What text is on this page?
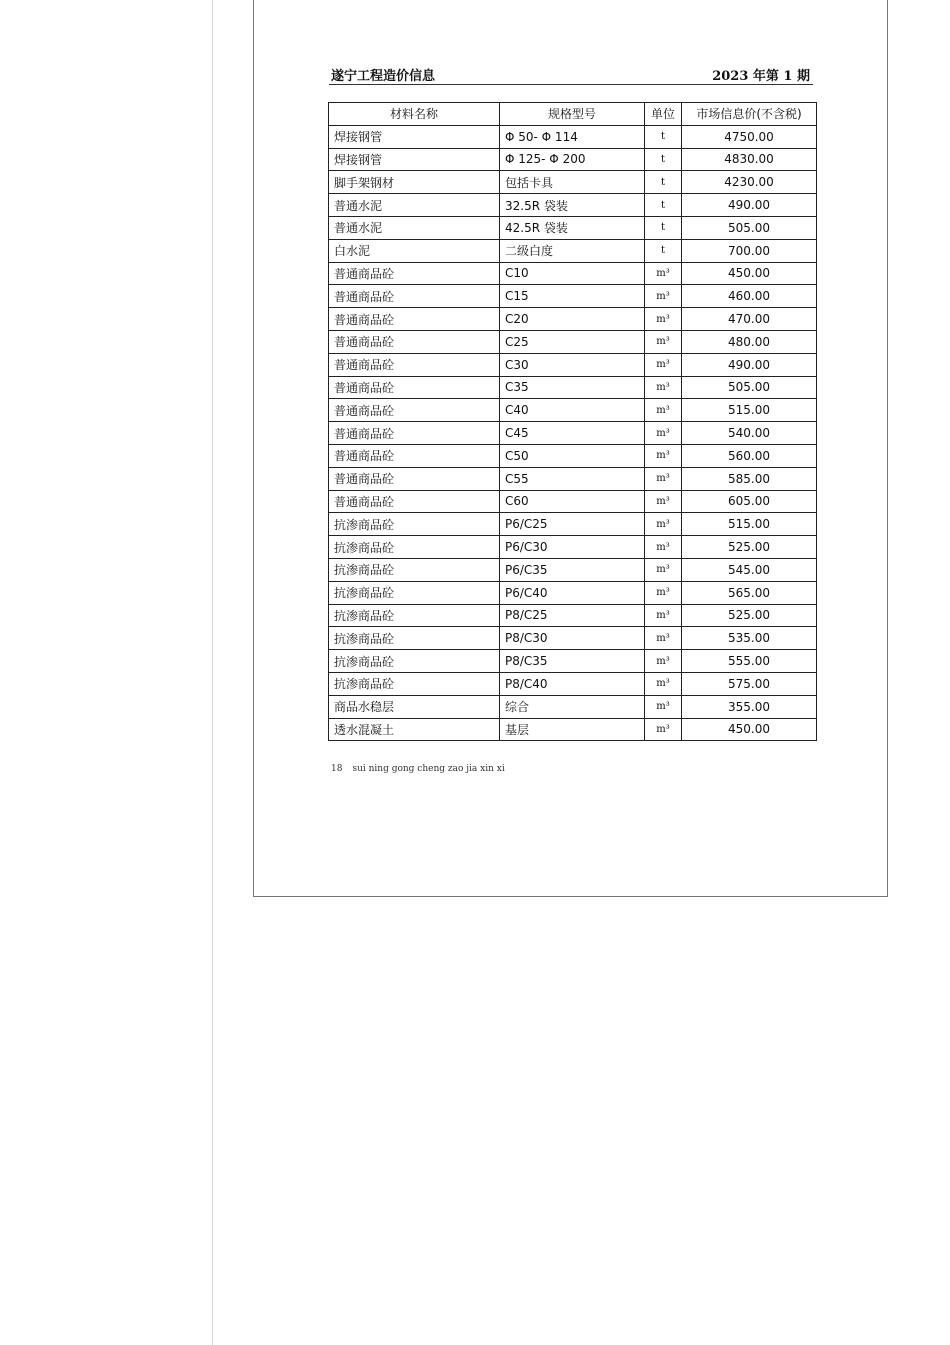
遂宁工程造价信息	2023 年第 1 期
材料名称	规格型号	单位	市场信息价(不含税)
焊接钢管	Φ 50- Φ 114	t	4750.00
焊接钢管	Φ 125- Φ 200	t	4830.00
脚手架钢材	包括卡具	t	4230.00
普通水泥	32.5R 袋装	t	490.00
普通水泥	42.5R 袋装	t	505.00
白水泥	二级白度	t	700.00
普通商品砼	C10	m³	450.00
普通商品砼	C15	m³	460.00
普通商品砼	C20	m³	470.00
普通商品砼	C25	m³	480.00
普通商品砼	C30	m³	490.00
普通商品砼	C35	m³	505.00
普通商品砼	C40	m³	515.00
普通商品砼	C45	m³	540.00
普通商品砼	C50	m³	560.00
普通商品砼	C55	m³	585.00
普通商品砼	C60	m³	605.00
抗渗商品砼	P6/C25	m³	515.00
抗渗商品砼	P6/C30	m³	525.00
抗渗商品砼	P6/C35	m³	545.00
抗渗商品砼	P6/C40	m³	565.00
抗渗商品砼	P8/C25	m³	525.00
抗渗商品砼	P8/C30	m³	535.00
抗渗商品砼	P8/C35	m³	555.00
抗渗商品砼	P8/C40	m³	575.00
商品水稳层	综合	m³	355.00
透水混凝土	基层	m³	450.00
18 sui ning gong cheng zao jia xin xi
